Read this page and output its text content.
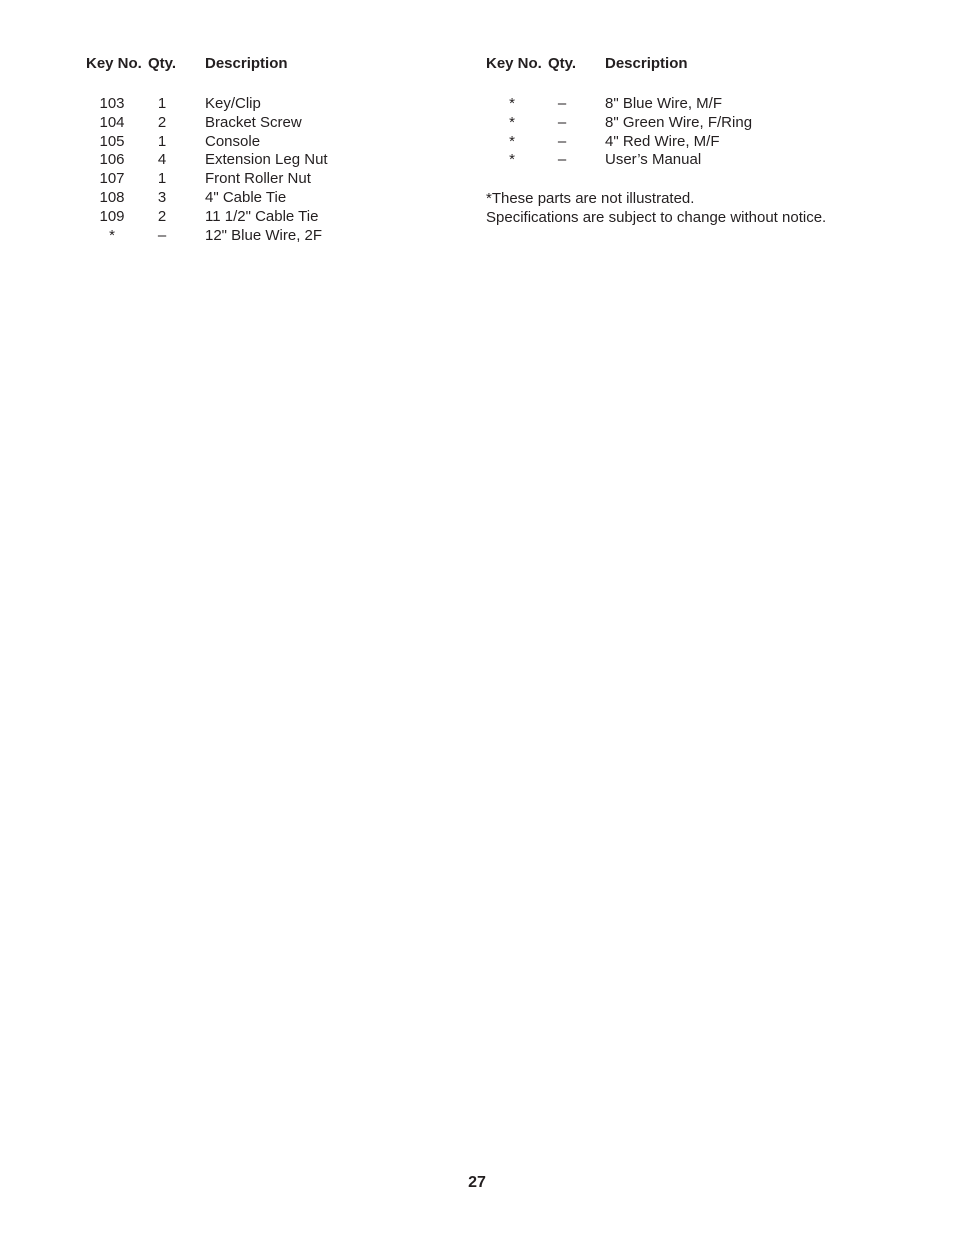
Key No. Qty. Description
103	1	Key/Clip
104	2	Bracket Screw
105	1	Console
106	4	Extension Leg Nut
107	1	Front Roller Nut
108	3	4" Cable Tie
109	2	11 1/2" Cable Tie
*	–	12" Blue Wire, 2F
Key No. Qty. Description
*	–	8" Blue Wire, M/F
*	–	8" Green Wire, F/Ring
*	–	4" Red Wire, M/F
*	–	User’s Manual
*These parts are not illustrated.
Specifications are subject to change without notice.
27
